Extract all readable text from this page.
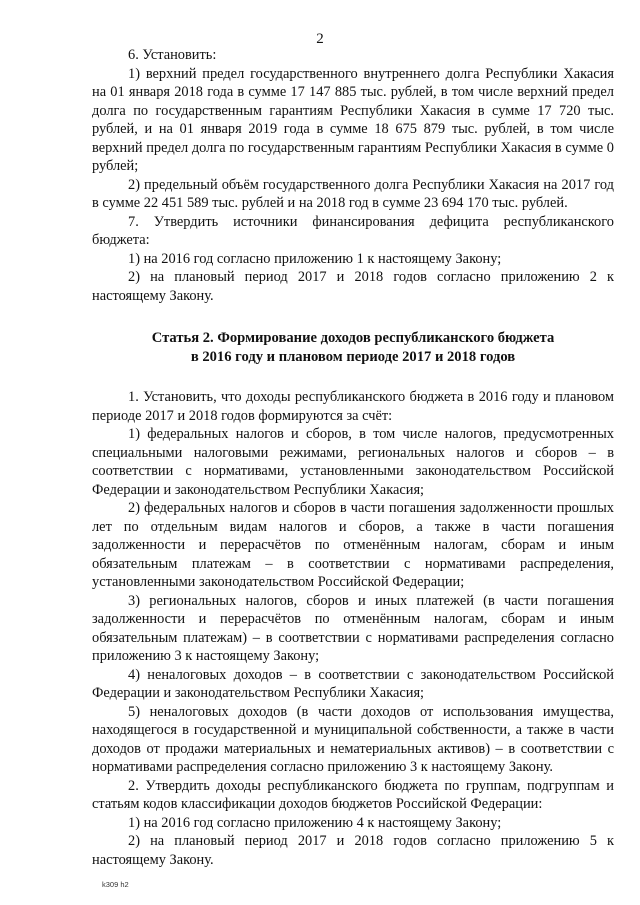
2

6. Установить:

1) верхний предел государственного внутреннего долга Республики Хакасия на 01 января 2018 года в сумме 17 147 885 тыс. рублей, в том числе верхний предел долга по государственным гарантиям Республики Хакасия в сумме 17 720 тыс. рублей, и на 01 января 2019 года в сумме 18 675 879 тыс. рублей, в том числе верхний предел долга по государственным гарантиям Республики Хакасия в сумме 0 рублей;

2) предельный объём государственного долга Республики Хакасия на 2017 год в сумме 22 451 589 тыс. рублей и на 2018 год в сумме 23 694 170 тыс. рублей.

7. Утвердить источники финансирования дефицита республиканского бюджета:

1) на 2016 год согласно приложению 1 к настоящему Закону;

2) на плановый период 2017 и 2018 годов согласно приложению 2 к настоящему Закону.

Статья 2. Формирование доходов республиканского бюджета
в 2016 году и плановом периоде 2017 и 2018 годов

1. Установить, что доходы республиканского бюджета в 2016 году и плановом периоде 2017 и 2018 годов формируются за счёт:

1) федеральных налогов и сборов, в том числе налогов, предусмотренных специальными налоговыми режимами, региональных налогов и сборов – в соответствии с нормативами, установленными законодательством Российской Федерации и законодательством Республики Хакасия;

2) федеральных налогов и сборов в части погашения задолженности прошлых лет по отдельным видам налогов и сборов, а также в части погашения задолженности и перерасчётов по отменённым налогам, сборам и иным обязательным платежам – в соответствии с нормативами распределения, установленными законодательством Российской Федерации;

3) региональных налогов, сборов и иных платежей (в части погашения задолженности и перерасчётов по отменённым налогам, сборам и иным обязательным платежам) – в соответствии с нормативами распределения согласно приложению 3 к настоящему Закону;

4) неналоговых доходов – в соответствии с законодательством Российской Федерации и законодательством Республики Хакасия;

5) неналоговых доходов (в части доходов от использования имущества, находящегося в государственной и муниципальной собственности, а также в части доходов от продажи материальных и нематериальных активов) – в соответствии с нормативами распределения согласно приложению 3 к настоящему Закону.

2. Утвердить доходы республиканского бюджета по группам, подгруппам и статьям кодов классификации доходов бюджетов Российской Федерации:

1) на 2016 год согласно приложению 4 к настоящему Закону;

2) на плановый период 2017 и 2018 годов согласно приложению 5 к настоящему Закону.

k309 h2
